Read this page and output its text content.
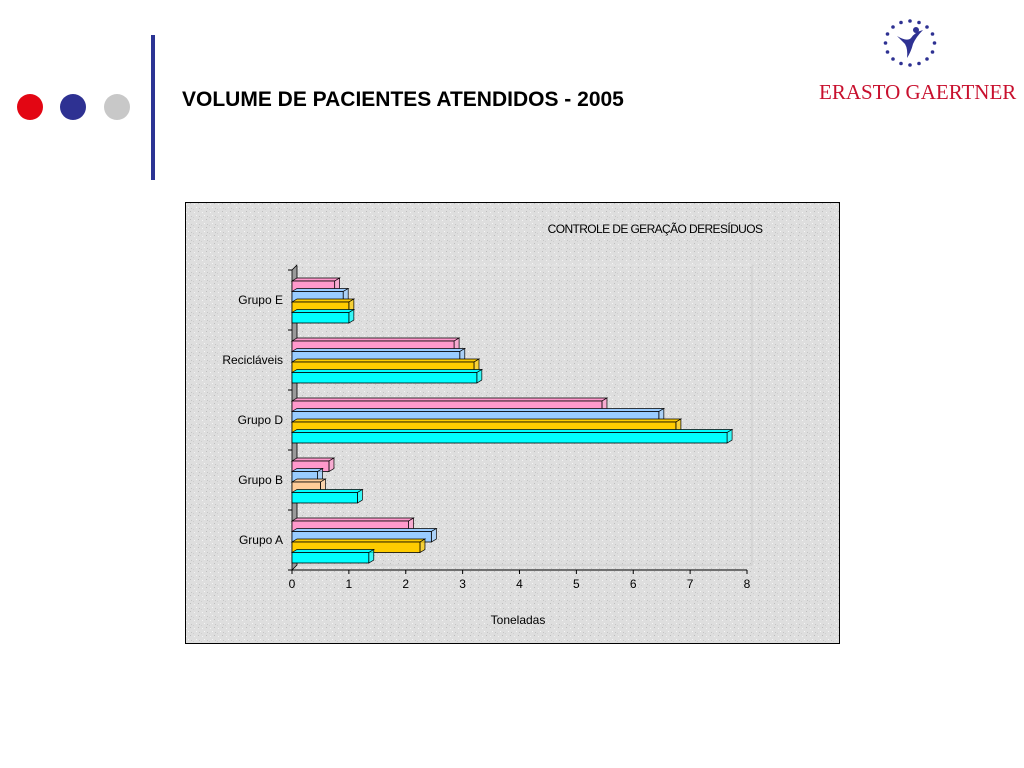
VOLUME DE PACIENTES ATENDIDOS - 2005	ERASTO GAERTNER
0	1	2	3	4	5	6	7	8
Grupo A
Grupo B
Grupo D
Recicláveis
Grupo E
CONTROLE DE GERAÇÃO DERESÍDUOS
Toneladas
